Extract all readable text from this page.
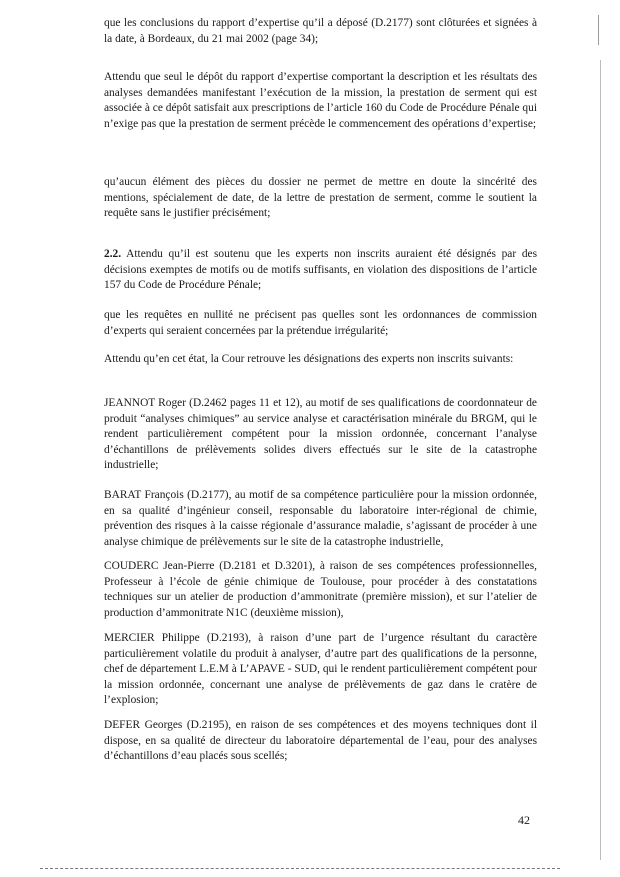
que les conclusions du rapport d’expertise qu’il a déposé (D.2177) sont clôturées et signées à la date, à Bordeaux, du 21 mai 2002 (page 34);

Attendu que seul le dépôt du rapport d’expertise comportant la description et les résultats des analyses demandées manifestant l’exécution de la mission, la prestation de serment qui est associée à ce dépôt satisfait aux prescriptions de l’article 160 du Code de Procédure Pénale qui n’exige pas que la prestation de serment précède le commencement des opérations d’expertise;

qu’aucun élément des pièces du dossier ne permet de mettre en doute la sincérité des mentions, spécialement de date, de la lettre de prestation de serment, comme le soutient la requête sans le justifier précisément;

2.2. Attendu qu’il est soutenu que les experts non inscrits auraient été désignés par des décisions exemptes de motifs ou de motifs suffisants, en violation des dispositions de l’article 157 du Code de Procédure Pénale;

que les requêtes en nullité ne précisent pas quelles sont les ordonnances de commission d’experts qui seraient concernées par la prétendue irrégularité;

Attendu qu’en cet état, la Cour retrouve les désignations des experts non inscrits suivants:

JEANNOT Roger (D.2462 pages 11 et 12), au motif de ses qualifications de coordonnateur de produit “analyses chimiques” au service analyse et caractérisation minérale du BRGM, qui le rendent particulièrement compétent pour la mission ordonnée, concernant l’analyse d’échantillons de prélèvements solides divers effectués sur le site de la catastrophe industrielle;

BARAT François (D.2177), au motif de sa compétence particulière pour la mission ordonnée, en sa qualité d’ingénieur conseil, responsable du laboratoire inter-régional de chimie, prévention des risques à la caisse régionale d’assurance maladie, s’agissant de procéder à une analyse chimique de prélèvements sur le site de la catastrophe industrielle,

COUDERC Jean-Pierre (D.2181 et D.3201), à raison de ses compétences professionnelles, Professeur à l’école de génie chimique de Toulouse, pour procéder à des constatations techniques sur un atelier de production d’ammonitrate (première mission), et sur l’atelier de production d’ammonitrate N1C (deuxième mission),

MERCIER Philippe (D.2193), à raison d’une part de l’urgence résultant du caractère particulièrement volatile du produit à analyser, d’autre part des qualifications de la personne, chef de département L.E.M à L’APAVE - SUD, qui le rendent particulièrement compétent pour la mission ordonnée, concernant une analyse de prélèvements de gaz dans le cratère de l’explosion;

DEFER Georges (D.2195), en raison de ses compétences et des moyens techniques dont il dispose, en sa qualité de directeur du laboratoire départemental de l’eau, pour des analyses d’échantillons d’eau placés sous scellés;

42
